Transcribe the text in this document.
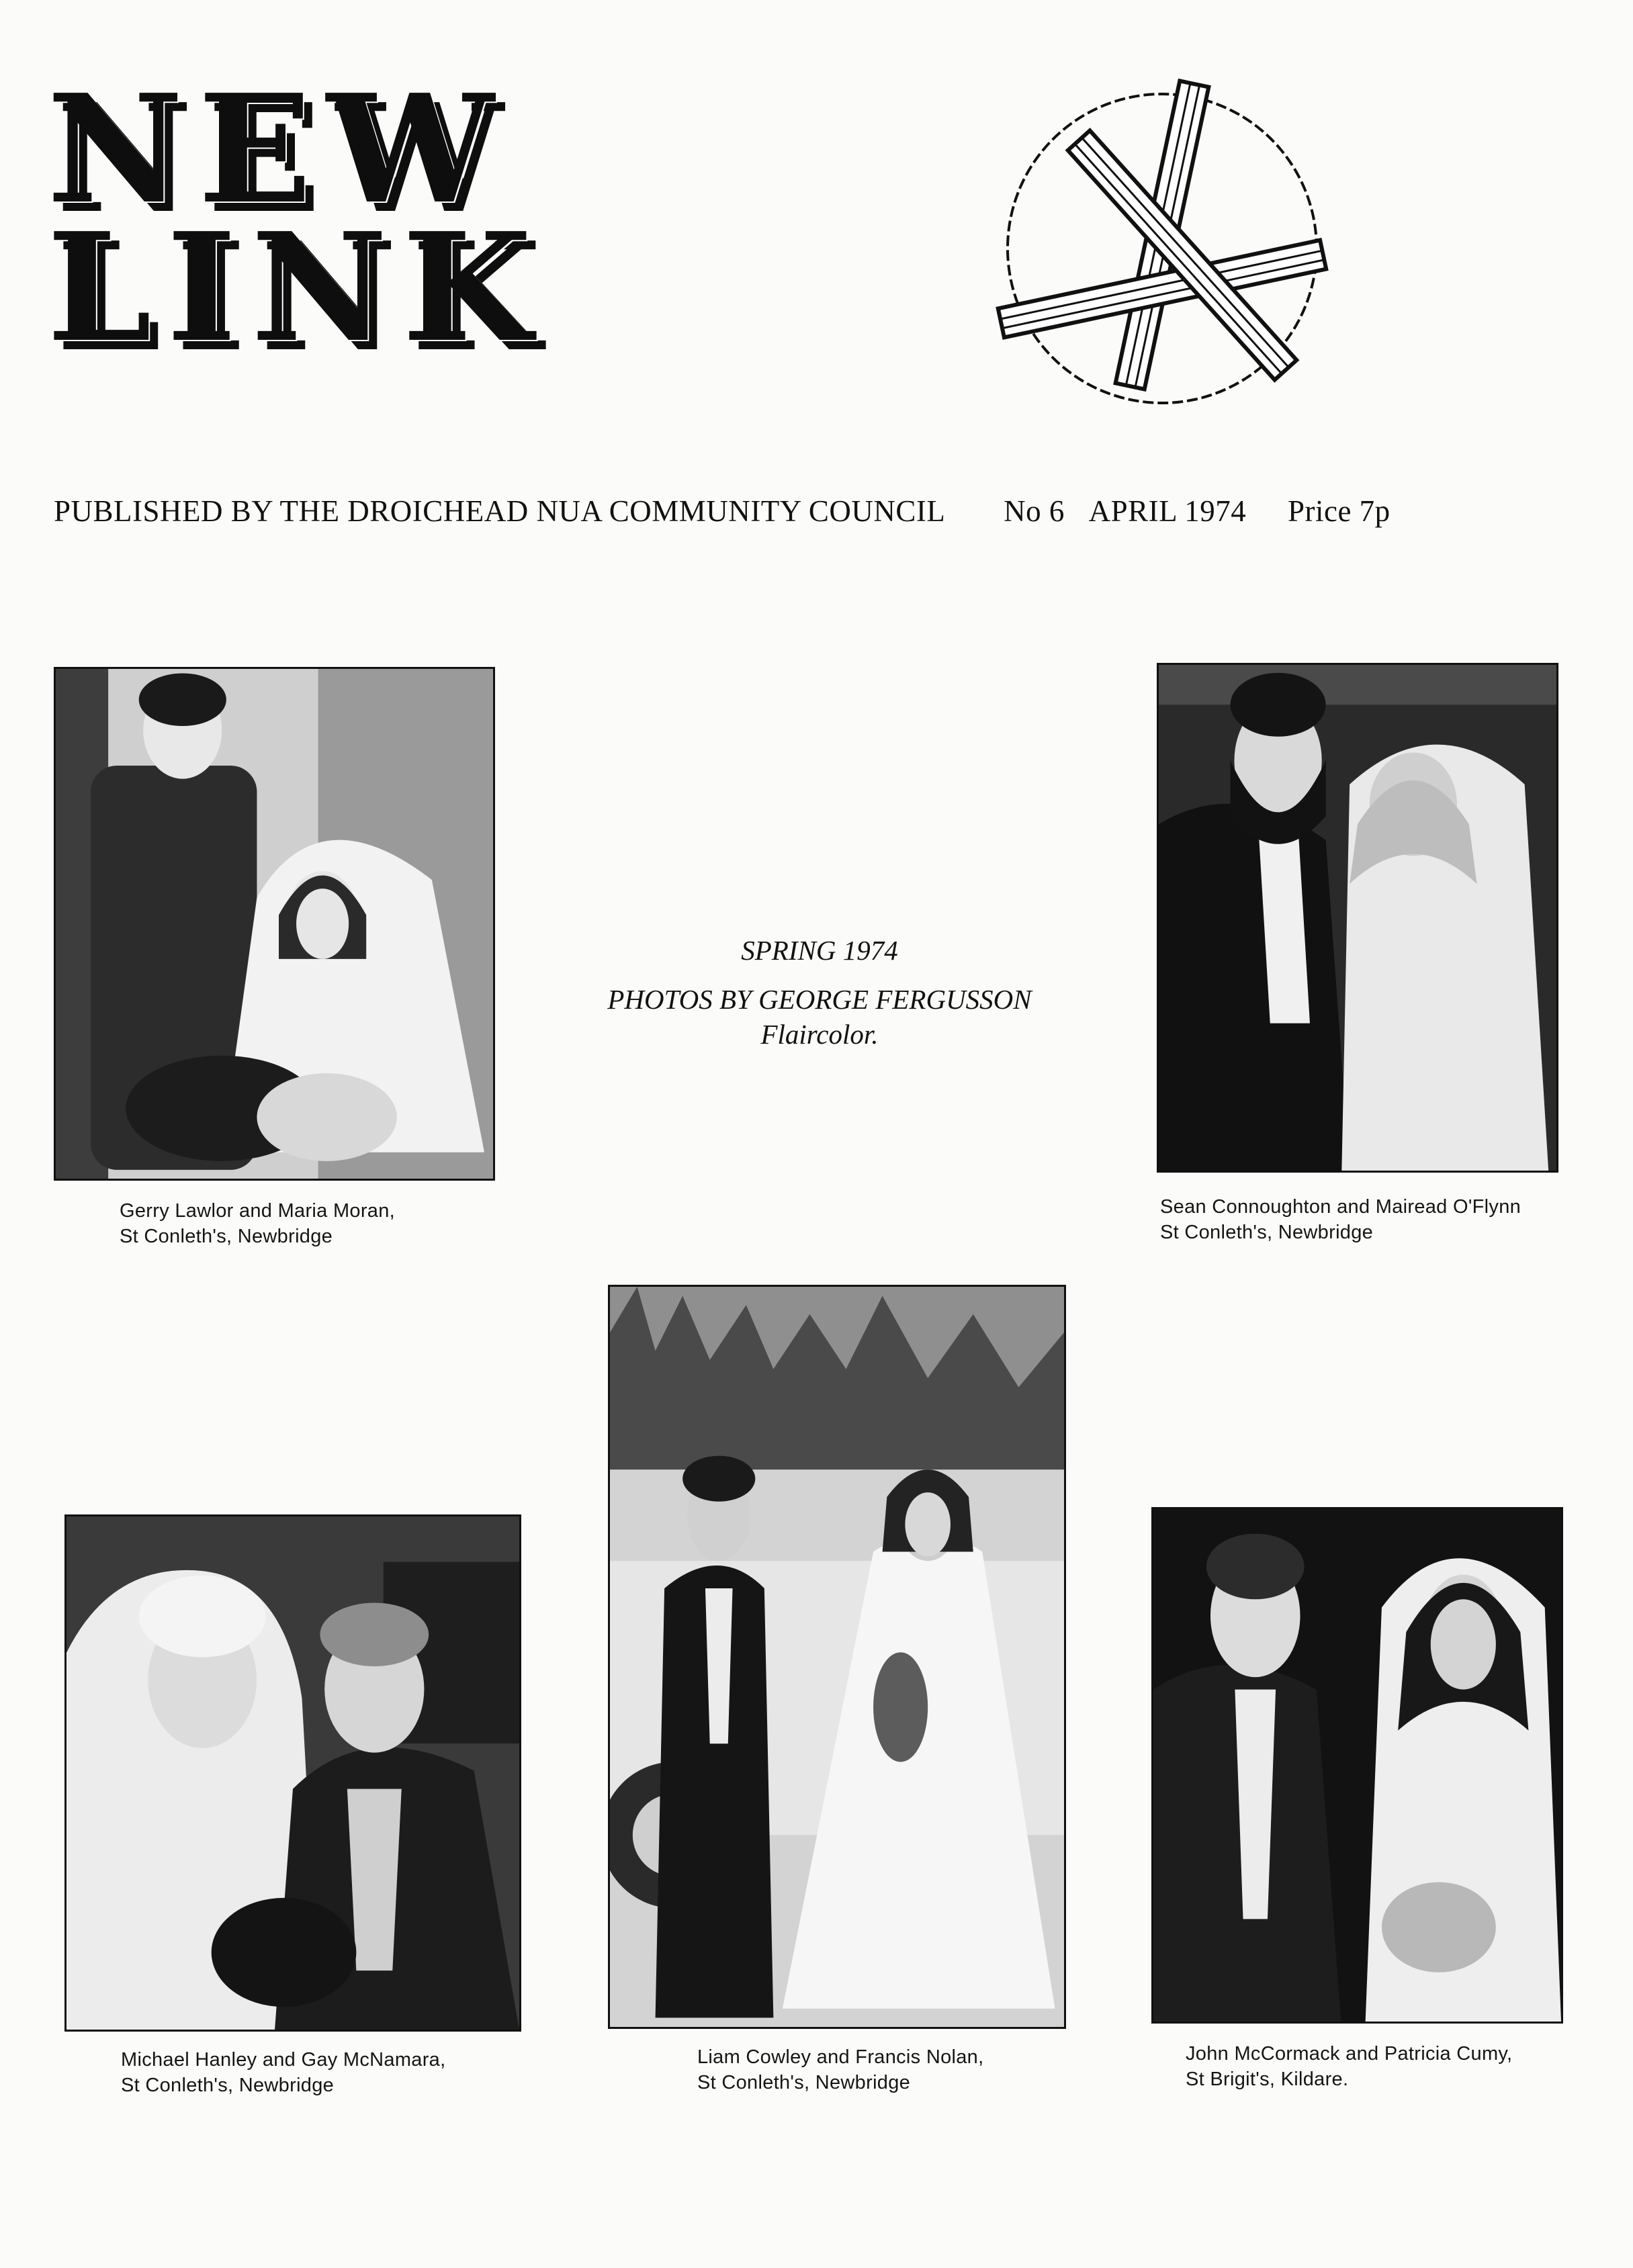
NEW
LINK
PUBLISHED BY THE DROICHEAD NUA COMMUNITY COUNCIL No 6 APRIL 1974 Price 7p
SPRING 1974
PHOTOS BY GEORGE FERGUSSON
Flaircolor.
Gerry Lawlor and Maria Moran,
St Conleth's, Newbridge
Sean Connoughton and Mairead O'Flynn
St Conleth's, Newbridge
Michael Hanley and Gay McNamara,
St Conleth's, Newbridge
Liam Cowley and Francis Nolan,
St Conleth's, Newbridge
John McCormack and Patricia Cumy,
St Brigit's, Kildare.
